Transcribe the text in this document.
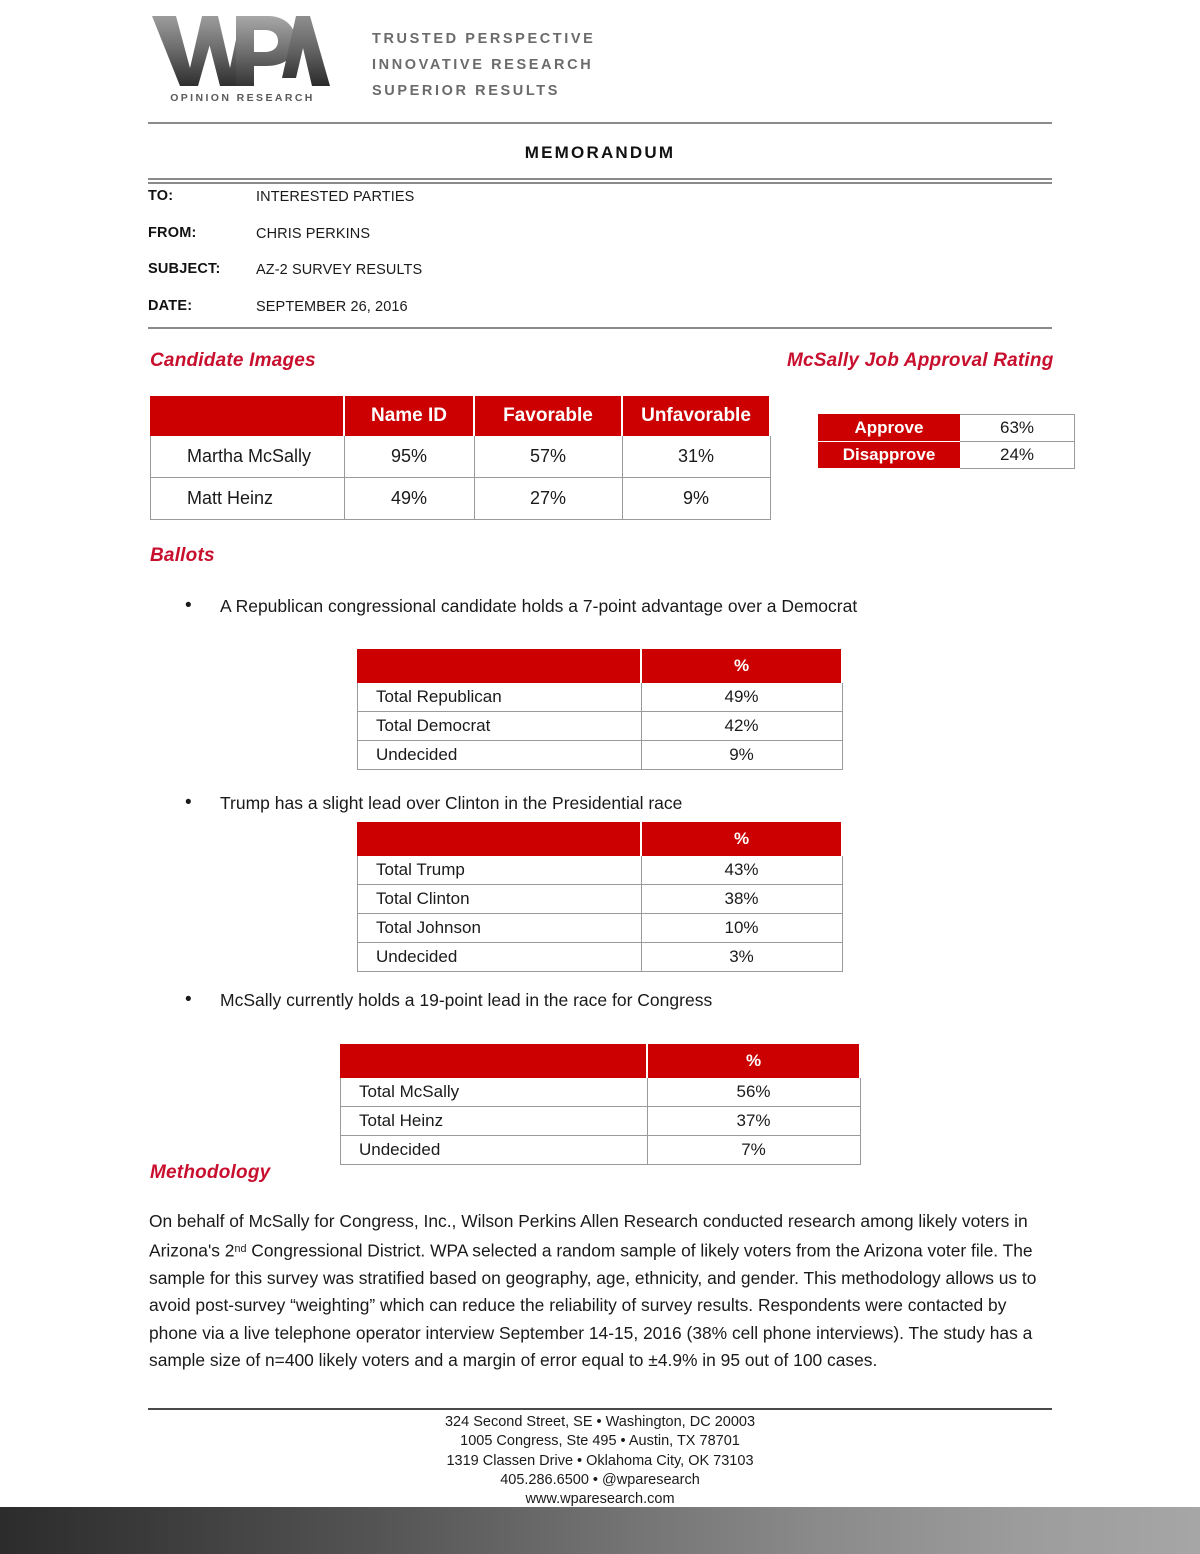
OPINION RESEARCH
TRUSTED PERSPECTIVE
INNOVATIVE RESEARCH
SUPERIOR RESULTS
MEMORANDUM
TO:	INTERESTED PARTIES
FROM:	CHRIS PERKINS
SUBJECT: AZ-2 SURVEY RESULTS
DATE:	SEPTEMBER 26, 2016
Candidate Images	McSally Job Approval Rating
	Name ID	Favorable	Unfavorable
Martha McSally	95%	57%	31%
Matt Heinz	49%	27%	9%
Approve	63%
Disapprove	24%
Ballots
• A Republican congressional candidate holds a 7-point advantage over a Democrat
	%
Total Republican	49%
Total Democrat	42%
Undecided	9%
• Trump has a slight lead over Clinton in the Presidential race
	%
Total Trump	43%
Total Clinton	38%
Total Johnson	10%
Undecided	3%
• McSally currently holds a 19-point lead in the race for Congress
	%
Total McSally	56%
Total Heinz	37%
Undecided	7%
Methodology
On behalf of McSally for Congress, Inc., Wilson Perkins Allen Research conducted research among likely voters in Arizona's 2nd Congressional District. WPA selected a random sample of likely voters from the Arizona voter file. The sample for this survey was stratified based on geography, age, ethnicity, and gender. This methodology allows us to avoid post-survey “weighting” which can reduce the reliability of survey results. Respondents were contacted by phone via a live telephone operator interview September 14-15, 2016 (38% cell phone interviews). The study has a sample size of n=400 likely voters and a margin of error equal to ±4.9% in 95 out of 100 cases.
324 Second Street, SE • Washington, DC 20003
1005 Congress, Ste 495 • Austin, TX 78701
1319 Classen Drive • Oklahoma City, OK 73103
405.286.6500 • @wparesearch
www.wparesearch.com
